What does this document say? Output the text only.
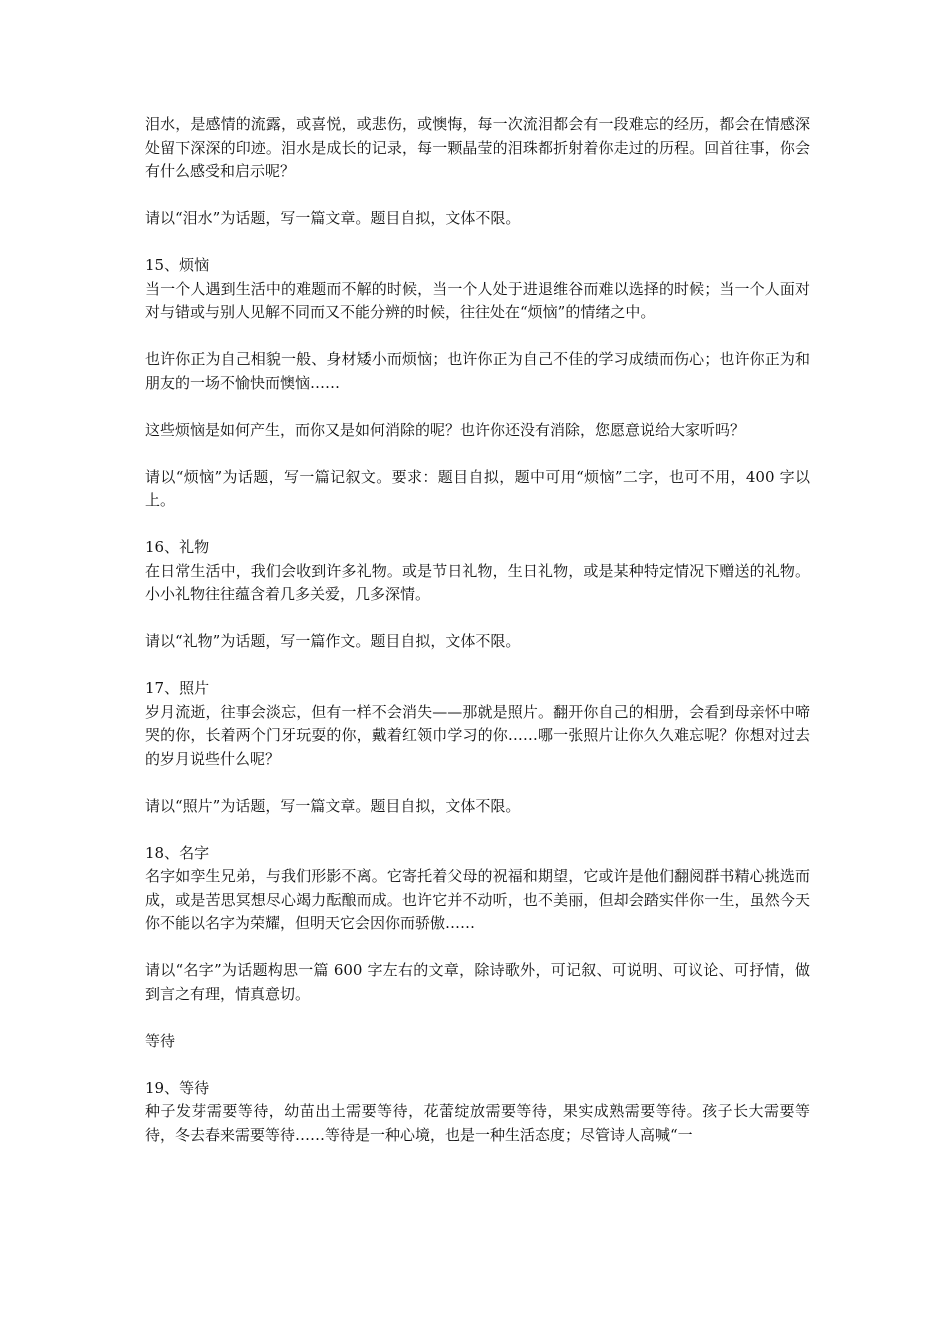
泪水，是感情的流露，或喜悦，或悲伤，或懊悔，每一次流泪都会有一段难忘的经历，都会在情感深处留下深深的印迹。泪水是成长的记录，每一颗晶莹的泪珠都折射着你走过的历程。回首往事，你会有什么感受和启示呢？

请以“泪水”为话题，写一篇文章。题目自拟，文体不限。

15、烦恼

当一个人遇到生活中的难题而不解的时候，当一个人处于进退维谷而难以选择的时候；当一个人面对对与错或与别人见解不同而又不能分辨的时候，往往处在“烦恼”的情绪之中。

也许你正为自己相貌一般、身材矮小而烦恼；也许你正为自己不佳的学习成绩而伤心；也许你正为和朋友的一场不愉快而懊恼……

这些烦恼是如何产生，而你又是如何消除的呢？也许你还没有消除，您愿意说给大家听吗？

请以“烦恼”为话题，写一篇记叙文。要求：题目自拟，题中可用“烦恼”二字，也可不用，400 字以上。

16、礼物

在日常生活中，我们会收到许多礼物。或是节日礼物，生日礼物，或是某种特定情况下赠送的礼物。小小礼物往往蕴含着几多关爱，几多深情。

请以“礼物”为话题，写一篇作文。题目自拟，文体不限。

17、照片

岁月流逝，往事会淡忘，但有一样不会消失——那就是照片。翻开你自己的相册，会看到母亲怀中啼哭的你，长着两个门牙玩耍的你，戴着红领巾学习的你……哪一张照片让你久久难忘呢？你想对过去的岁月说些什么呢？

请以“照片”为话题，写一篇文章。题目自拟，文体不限。

18、名字

名字如孪生兄弟，与我们形影不离。它寄托着父母的祝福和期望，它或许是他们翻阅群书精心挑选而成，或是苦思冥想尽心竭力酝酿而成。也许它并不动听，也不美丽，但却会踏实伴你一生，虽然今天你不能以名字为荣耀，但明天它会因你而骄傲……

请以“名字”为话题构思一篇 600 字左右的文章，除诗歌外，可记叙、可说明、可议论、可抒情，做到言之有理，情真意切。

等待

19、等待

种子发芽需要等待，幼苗出土需要等待，花蕾绽放需要等待，果实成熟需要等待。孩子长大需要等待，冬去春来需要等待……等待是一种心境，也是一种生活态度；尽管诗人高喊“一
